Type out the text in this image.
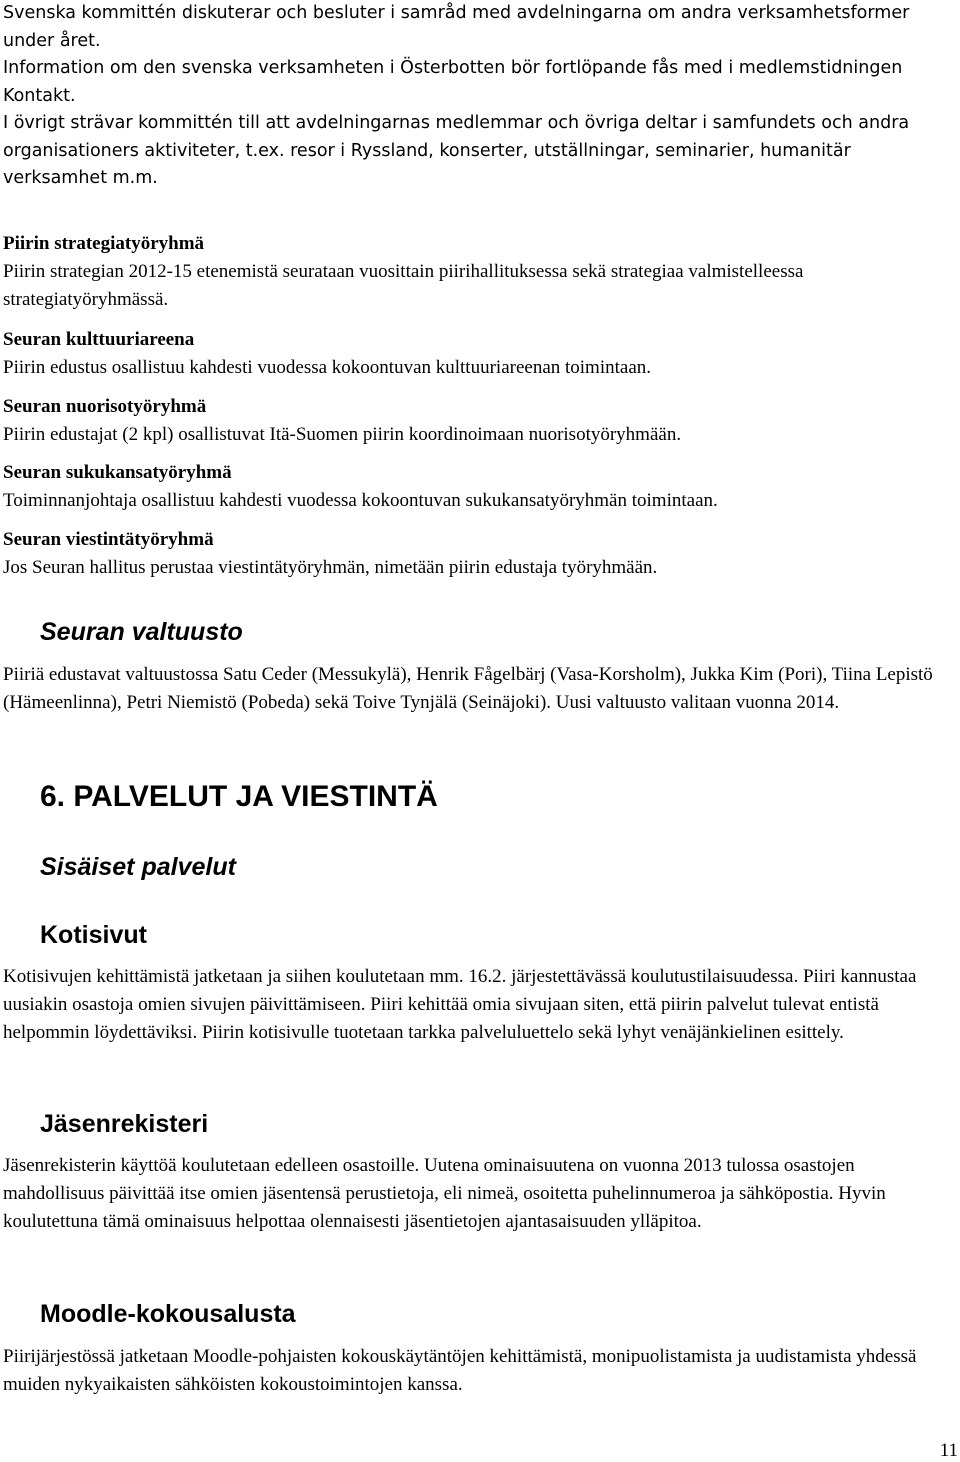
Svenska kommittén diskuterar och besluter i samråd med avdelningarna om andra verksamhetsformer under året.

Information om den svenska verksamheten i Österbotten bör fortlöpande fås med i medlemstidningen Kontakt.

I övrigt strävar kommittén till att avdelningarnas medlemmar och övriga deltar i samfundets och andra organisationers aktiviteter, t.ex. resor i Ryssland, konserter, utställningar, seminarier, humanitär verksamhet m.m.

Piirin strategiatyöryhmä

Piirin strategian 2012-15 etenemistä seurataan vuosittain piirihallituksessa sekä strategiaa valmistelleessa strategiatyöryhmässä.

Seuran kulttuuriareena

Piirin edustus osallistuu kahdesti vuodessa kokoontuvan kulttuuriareenan toimintaan.

Seuran nuorisotyöryhmä

Piirin edustajat (2 kpl) osallistuvat Itä-Suomen piirin koordinoimaan nuorisotyöryhmään.

Seuran sukukansatyöryhmä

Toiminnanjohtaja osallistuu kahdesti vuodessa kokoontuvan sukukansatyöryhmän toimintaan.

Seuran viestintätyöryhmä

Jos Seuran hallitus perustaa viestintätyöryhmän, nimetään piirin edustaja työryhmään.

Seuran valtuusto

Piiriä edustavat valtuustossa Satu Ceder (Messukylä), Henrik Fågelbärj (Vasa-Korsholm), Jukka Kim (Pori), Tiina Lepistö (Hämeenlinna), Petri Niemistö (Pobeda) sekä Toive Tynjälä (Seinäjoki). Uusi valtuusto valitaan vuonna 2014.

6. PALVELUT JA VIESTINTÄ
Sisäiset palvelut
Kotisivut

Kotisivujen kehittämistä jatketaan ja siihen koulutetaan mm. 16.2. järjestettävässä koulutustilaisuudessa. Piiri kannustaa uusiakin osastoja omien sivujen päivittämiseen. Piiri kehittää omia sivujaan siten, että piirin palvelut tulevat entistä helpommin löydettäviksi. Piirin kotisivulle tuotetaan tarkka palveluluettelo sekä lyhyt venäjänkielinen esittely.

Jäsenrekisteri

Jäsenrekisterin käyttöä koulutetaan edelleen osastoille. Uutena ominaisuutena on vuonna 2013 tulossa osastojen mahdollisuus päivittää itse omien jäsentensä perustietoja, eli nimeä, osoitetta puhelinnumeroa ja sähköpostia. Hyvin koulutettuna tämä ominaisuus helpottaa olennaisesti jäsentietojen ajantasaisuuden ylläpitoa.

Moodle-kokousalusta

Piirijärjestössä jatketaan Moodle-pohjaisten kokouskäytäntöjen kehittämistä, monipuolistamista ja uudistamista yhdessä muiden nykyaikaisten sähköisten kokoustoimintojen kanssa.

11
